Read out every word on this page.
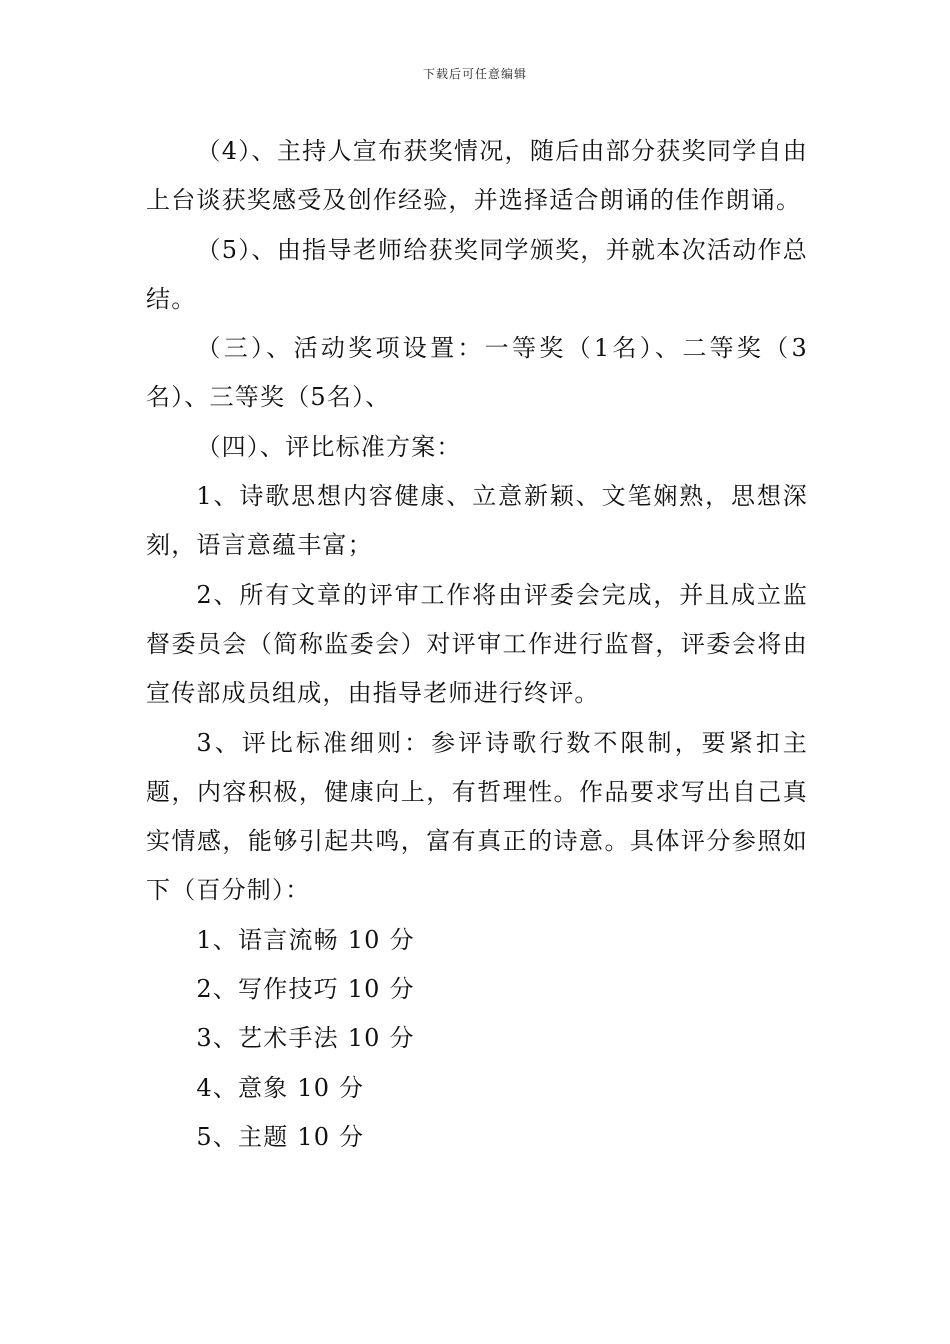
下载后可任意编辑

（4）、主持人宣布获奖情况，随后由部分获奖同学自由上台谈获奖感受及创作经验，并选择适合朗诵的佳作朗诵。

（5）、由指导老师给获奖同学颁奖，并就本次活动作总结。

（三）、活动奖项设置：一等奖（1名）、二等奖（3名）、三等奖（5名）、

（四）、评比标准方案：

1、诗歌思想内容健康、立意新颖、文笔娴熟，思想深刻，语言意蕴丰富；

2、所有文章的评审工作将由评委会完成，并且成立监督委员会（简称监委会）对评审工作进行监督，评委会将由宣传部成员组成，由指导老师进行终评。

3、评比标准细则：参评诗歌行数不限制，要紧扣主题，内容积极，健康向上，有哲理性。作品要求写出自己真实情感，能够引起共鸣，富有真正的诗意。具体评分参照如下（百分制）：

1、语言流畅 10 分

2、写作技巧 10 分

3、艺术手法 10 分

4、意象 10 分

5、主题 10 分
